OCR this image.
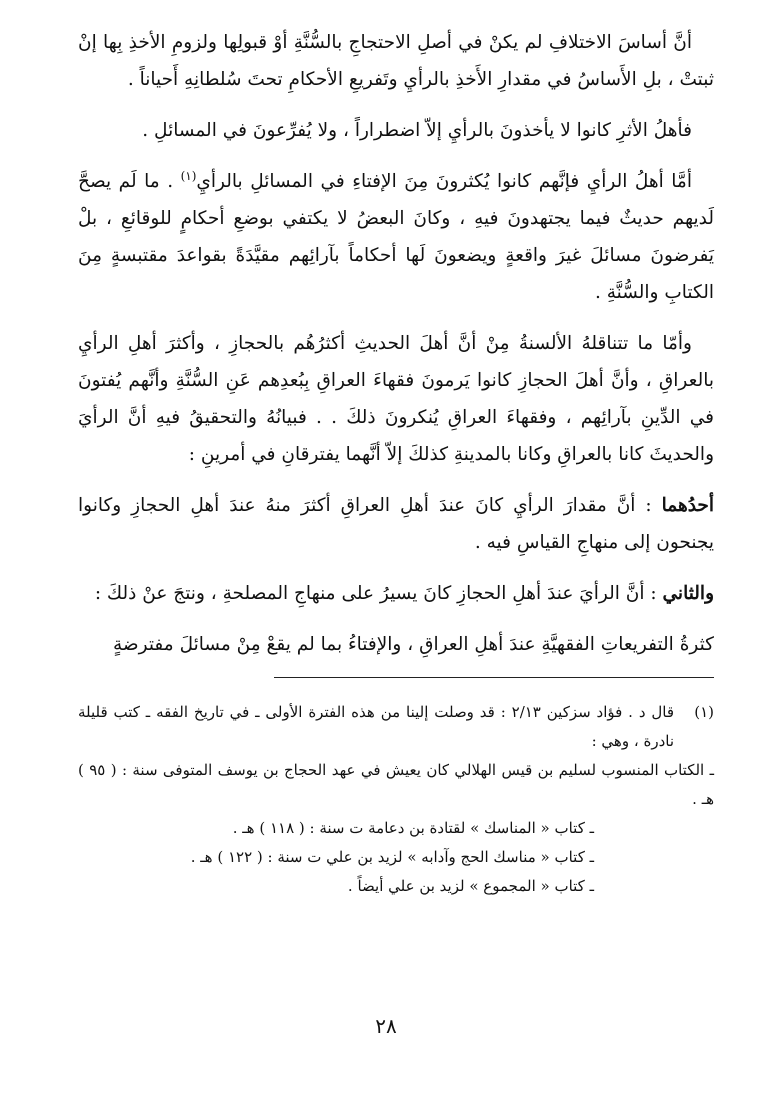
أنَّ أساسَ الاختلافِ لم يكنْ في أصلِ الاحتجاجِ بالسُّنَّةِ أوْ قبولِها ولزومِ الأخذِ بِها إنْ ثبتتْ ، بلِ الأَساسُ في مقدارِ الأَخذِ بالرأيِ وتَفريعِ الأحكامِ تحتَ سُلطانِهِ أَحياناً .

فأهلُ الأثرِ كانوا لا يأخذونَ بالرأيِ إلاّ اضطراراً ، ولا يُفرِّعونَ في المسائلِ .

أمَّا أهلُ الرأيِ فإنَّهم كانوا يُكثرونَ مِنَ الإفتاءِ في المسائلِ بالرأيِ$^{(١)}$ . ما لَم يصحَّ لَديهم حديثٌ فيما يجتهدونَ فيهِ ، وكانَ البعضُ لا يكتفي بوضعِ أحكامٍ للوقائعِ ، بلْ يَفرضونَ مسائلَ غيرَ واقعةٍ ويضعونَ لَها أحكاماً بآرائِهم مقيَّدَةً بقواعدَ مقتبسةٍ مِنَ الكتابِ والسُّنَّةِ .

وأمّا ما تتناقلهُ الألسنةُ مِنْ أنَّ أهلَ الحديثِ أكثرُهُم بالحجازِ ، وأكثرَ أهلِ الرأيِ بالعراقِ ، وأنَّ أهلَ الحجازِ كانوا يَرمونَ فقهاءَ العراقِ بِبُعدِهم عَنِ السُّنَّةِ وأنَّهم يُفتونَ في الدِّينِ بآرائِهم ، وفقهاءَ العراقِ يُنكرونَ ذلكَ . . فبيانُهُ والتحقيقُ فيهِ أنَّ الرأيَ والحديثَ كانا بالعراقِ وكانا بالمدينةِ كذلكَ إلاّ أنَّهما يفترقانِ في أمرينِ :

أحدُهما : أنَّ مقدارَ الرأيِ كانَ عندَ أهلِ العراقِ أكثرَ منهُ عندَ أهلِ الحجازِ وكانوا يجنحون إلى منهاجِ القياسِ فيه .

والثاني : أنَّ الرأيَ عندَ أهلِ الحجازِ كانَ يسيرُ على منهاجِ المصلحةِ ، ونتجَ عنْ ذلكَ :

كثرةُ التفريعاتِ الفقهيَّةِ عندَ أهلِ العراقِ ، والإفتاءُ بما لم يقعْ مِنْ مسائلَ مفترضةٍ

(١)
قال د . فؤاد سزكين ٢/١٣ : قد وصلت إلينا من هذه الفترة الأولى ـ في تاريخ الفقه ـ كتب قليلة نادرة ، وهي :

ـ الكتاب المنسوب لسليم بن قيس الهلالي كان يعيش في عهد الحجاج بن يوسف المتوفى سنة : ( ٩٥ ) هـ .

ـ كتاب « المناسك » لقتادة بن دعامة ت سنة : ( ١١٨ ) هـ .

ـ كتاب « مناسك الحج وآدابه » لزيد بن علي ت سنة : ( ١٢٢ ) هـ .

ـ كتاب « المجموع » لزيد بن علي أيضاً .

٢٨
